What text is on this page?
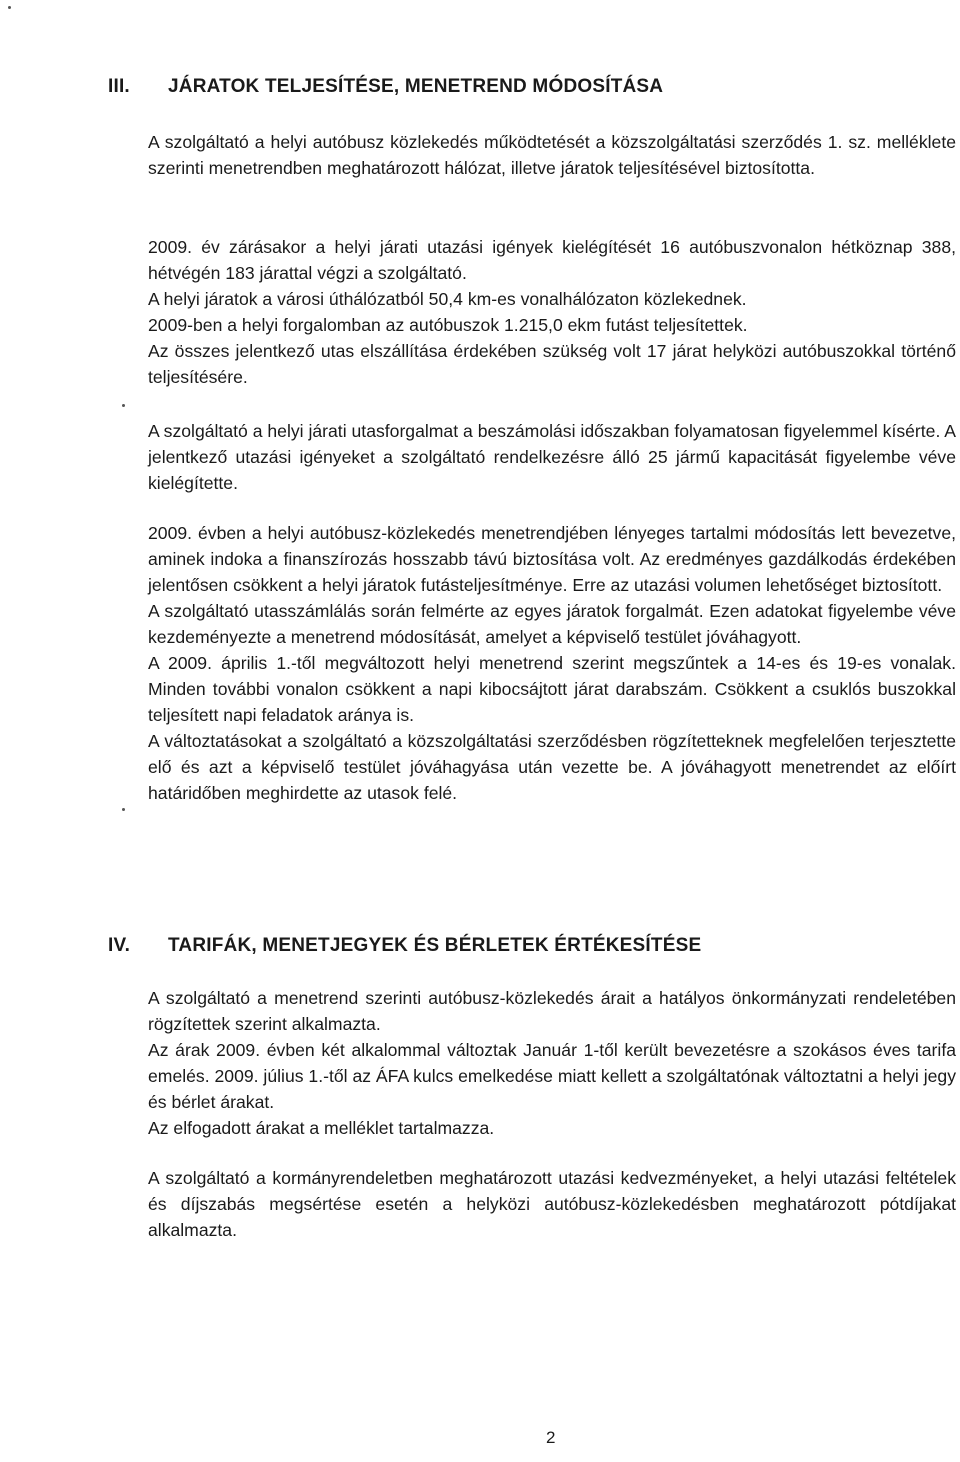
III.	JÁRATOK TELJESÍTÉSE, MENETREND MÓDOSÍTÁSA

A szolgáltató a helyi autóbusz közlekedés működtetését a közszolgáltatási szerződés 1. sz. melléklete szerinti menetrendben meghatározott hálózat, illetve járatok teljesítésével biztosította.

2009. év zárásakor a helyi járati utazási igények kielégítését 16 autóbuszvonalon hétköznap 388, hétvégén 183 járattal végzi a szolgáltató.

A helyi járatok a városi úthálózatból 50,4 km-es vonalhálózaton közlekednek.

2009-ben a helyi forgalomban az autóbuszok 1.215,0 ekm futást teljesítettek.

Az összes jelentkező utas elszállítása érdekében szükség volt 17 járat helyközi autóbuszokkal történő teljesítésére.

A szolgáltató a helyi járati utasforgalmat a beszámolási időszakban folyamatosan figyelemmel kísérte. A jelentkező utazási igényeket a szolgáltató rendelkezésre álló 25 jármű kapacitását figyelembe véve kielégítette.

2009. évben a helyi autóbusz-közlekedés menetrendjében lényeges tartalmi módosítás lett bevezetve, aminek indoka a finanszírozás hosszabb távú biztosítása volt. Az eredményes gazdálkodás érdekében jelentősen csökkent a helyi járatok futásteljesítménye. Erre az utazási volumen lehetőséget biztosított.

A szolgáltató utasszámlálás során felmérte az egyes járatok forgalmát. Ezen adatokat figyelembe véve kezdeményezte a menetrend módosítását, amelyet a képviselő testület jóváhagyott.

A 2009. április 1.-től megváltozott helyi menetrend szerint megszűntek a 14-es és 19-es vonalak. Minden további vonalon csökkent a napi kibocsájtott járat darabszám. Csökkent a csuklós buszokkal teljesített napi feladatok aránya is.

A változtatásokat a szolgáltató a közszolgáltatási szerződésben rögzítetteknek megfelelően terjesztette elő és azt a képviselő testület jóváhagyása után vezette be. A jóváhagyott menetrendet az előírt határidőben meghirdette az utasok felé.

IV.	TARIFÁK, MENETJEGYEK ÉS BÉRLETEK ÉRTÉKESÍTÉSE

A szolgáltató a menetrend szerinti autóbusz-közlekedés árait a hatályos önkormányzati rendeletében rögzítettek szerint alkalmazta.

Az árak 2009. évben két alkalommal változtak Január 1-től került bevezetésre a szokásos éves tarifa emelés. 2009. július 1.-től az ÁFA kulcs emelkedése miatt kellett a szolgáltatónak változtatni a helyi jegy és bérlet árakat.

Az elfogadott árakat a melléklet tartalmazza.

A szolgáltató a kormányrendeletben meghatározott utazási kedvezményeket, a helyi utazási feltételek és díjszabás megsértése esetén a helyközi autóbusz-közlekedésben meghatározott pótdíjakat alkalmazta.

2
